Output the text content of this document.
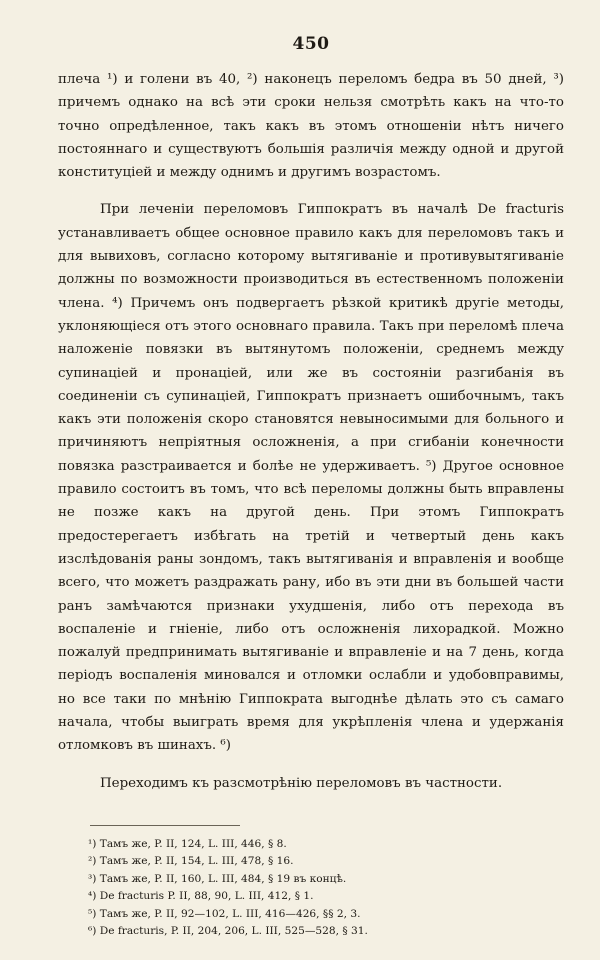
450

плеча ¹) и голени въ 40, ²) наконецъ переломъ бедра въ 50 дней, ³) причемъ однако на всѣ эти сроки нельзя смотрѣть какъ на что-то точно опредѣленное, такъ какъ въ этомъ отношеніи нѣтъ ничего постояннаго и существуютъ большія различія между одной и другой конституцiей и между однимъ и другимъ возрастомъ.

При леченіи переломовъ Гиппократъ въ началѣ De fracturis устанавливаетъ общее основное правило какъ для переломовъ такъ и для вывиховъ, согласно которому вытягиваніе и противувытягиваніе должны по возможности производиться въ естественномъ положеніи члена. ⁴) Причемъ онъ подвергаетъ рѣзкой критикѣ другіе методы, уклоняющіеся отъ этого основнаго правила. Такъ при переломѣ плеча наложеніе повязки въ вытянутомъ положеніи, среднемъ между супинацiей и пронацiей, или же въ состояніи разгибанія въ соединеніи съ супинацiей, Гиппократъ признаетъ ошибочнымъ, такъ какъ эти положенія скоро становятся невыносимыми для больного и причиняютъ непріятныя осложненія, а при сгибаніи конечности повязка разстраивается и болѣе не удерживаетъ. ⁵) Другое основное правило состоитъ въ томъ, что всѣ переломы должны быть вправлены не позже какъ на другой день. При этомъ Гиппократъ предостерегаетъ избѣгать на третій и четвертый день какъ изслѣдованія раны зондомъ, такъ вытягиванія и вправленія и вообще всего, что можетъ раздражать рану, ибо въ эти дни въ большей части ранъ замѣчаются признаки ухудшенія, либо отъ перехода въ воспаленіе и гніеніе, либо отъ осложненія лихорадкой. Можно пожалуй предпринимать вытягиваніе и вправленіе и на 7 день, когда періодъ воспаленія миновался и отломки ослабли и удобовправимы, но все таки по мнѣнію Гиппократа выгоднѣе дѣлать это съ самаго начала, чтобы выиграть время для укрѣпленія члена и удержанія отломковъ въ шинахъ. ⁶)

Переходимъ къ разсмотрѣнію переломовъ въ частности.

¹) Тамъ же, P. II, 124, L. III, 446, § 8.
²) Тамъ же, P. II, 154, L. III, 478, § 16.
³) Тамъ же, P. II, 160, L. III, 484, § 19 въ концѣ.
⁴) De fracturis P. II, 88, 90, L. III, 412, § 1.
⁵) Тамъ же, P. II, 92—102, L. III, 416—426, §§ 2, 3.
⁶) De fracturis, P. II, 204, 206, L. III, 525—528, § 31.
